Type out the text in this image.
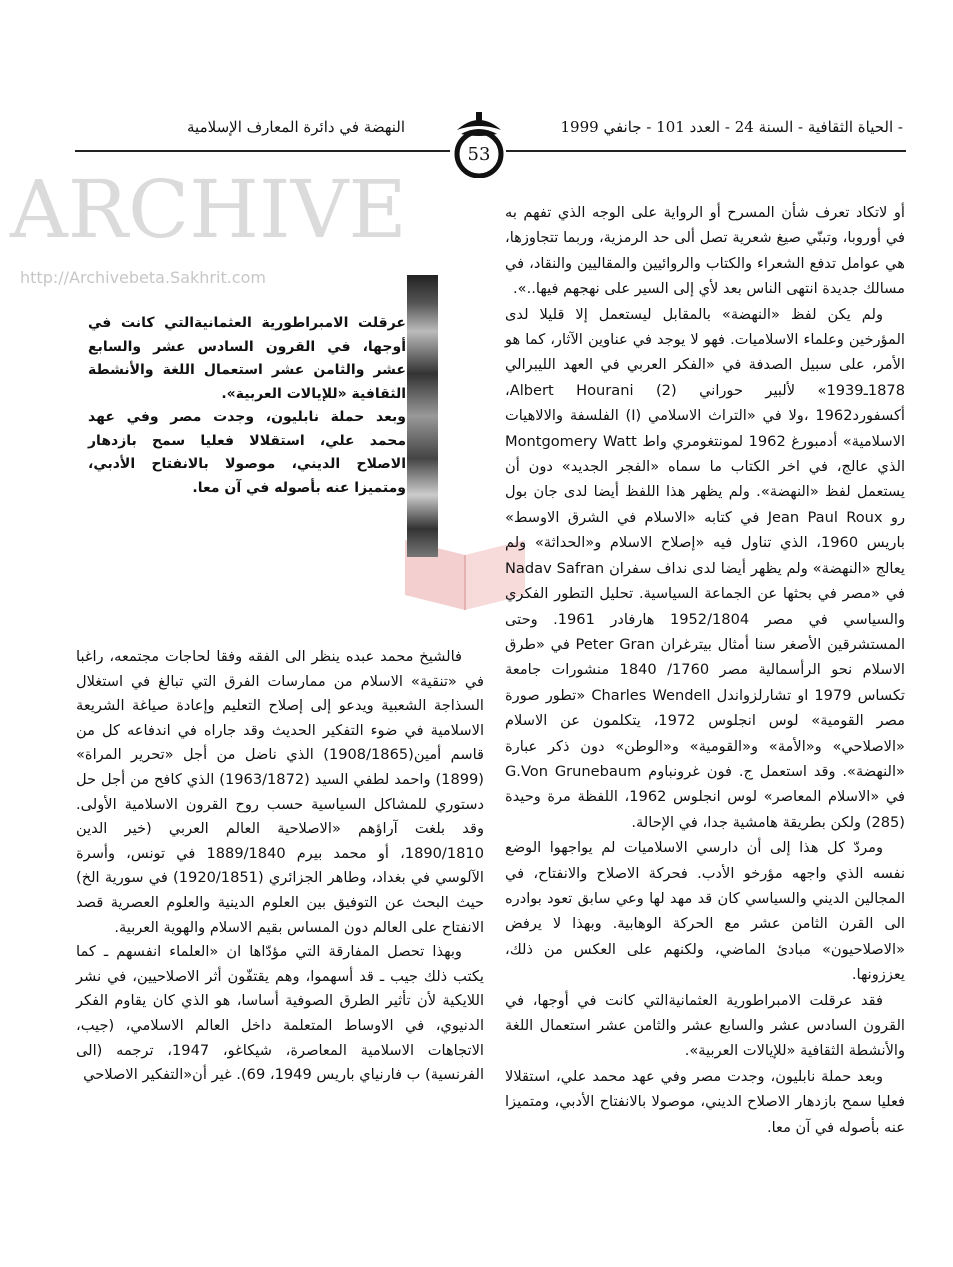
- الحياة الثقافية - السنة 24 - العدد 101 - جانفي 1999
النهضة في دائرة المعارف الإسلامية
53
ARCHIVE
http://Archivebeta.Sakhrit.com

عرقلت الامبراطورية العثمانيةالتي كانت في أوجها، في القرون السادس عشر والسابع عشر والثامن عشر استعمال اللغة والأنشطة الثقافية «للإيالات العربية».

وبعد حملة نابليون، وجدت مصر وفي عهد محمد علي، استقلالا فعليا سمح بازدهار الاصلاح الديني، موصولا بالانفتاح الأدبي، ومتميزا عنه بأصوله في آن معا.

أو لاتكاد تعرف شأن المسرح أو الرواية على الوجه الذي تفهم به في أوروبا، وتبنّي صيغ شعرية تصل ألى حد الرمزية، وربما تتجاوزها، هي عوامل تدفع الشعراء والكتاب والروائيين والمقاليين والنقاد، في مسالك جديدة انتهى الناس بعد لأي إلى السير على نهجهم فيها..».

ولم يكن لفظ «النهضة» بالمقابل ليستعمل إلا قليلا لدى المؤرخين وعلماء الاسلاميات. فهو لا يوجد في عناوين الآثار، كما هو الأمر، على سبيل الصدفة في «الفكر العربي في العهد الليبرالي 1878ـ1939» لألبير حوراني Albert Hourani (2)، أكسفورد1962 ،ولا في «التراث الاسلامي (I) الفلسفة والالاهيات الاسلامية» أدمبورغ 1962 لمونتغومري واط Montgomery Watt الذي عالج، في اخر الكتاب ما سماه «الفجر الجديد» دون أن يستعمل لفظ «النهضة». ولم يظهر هذا اللفظ أيضا لدى جان بول رو Jean Paul Roux في كتابه «الاسلام في الشرق الاوسط» باريس 1960، الذي تناول فيه «إصلاح الاسلام و«الحداثة» ولم يعالج «النهضة» ولم يظهر أيضا لدى نداف سفران Nadav Safran في «مصر في بحثها عن الجماعة السياسية. تحليل التطور الفكري والسياسي في مصر 1952/1804 هارفادر 1961. وحتى المستشرقين الأصغر سنا أمثال بيترغران Peter Gran في «طرق الاسلام نحو الرأسمالية مصر 1760/ 1840 منشورات جامعة تكساس 1979 او تشارلزواندل Charles Wendell «تطور صورة مصر القومية» لوس انجلوس 1972، يتكلمون عن الاسلام «الاصلاحي» و«الأمة» و«القومية» و«الوطن» دون ذكر عبارة «النهضة». وقد استعمل ج. فون غرونباوم G.Von Grunebaum في «الاسلام المعاصر» لوس انجلوس 1962، اللفظة مرة وحيدة (285) ولكن بطريقة هامشية جدا، في الإحالة.

ومردّ كل هذا إلى أن دارسي الاسلاميات لم يواجهوا الوضع نفسه الذي واجهه مؤرخو الأدب. فحركة الاصلاح والانفتاح، في المجالين الديني والسياسي كان قد مهد لها وعي سابق تعود بوادره الى القرن الثامن عشر مع الحركة الوهابية. وبهذا لا يرفض «الاصلاحيون» مبادئ الماضي، ولكنهم على العكس من ذلك، يعززونها.

فقد عرقلت الامبراطورية العثمانيةالتي كانت في أوجها، في القرون السادس عشر والسابع عشر والثامن عشر استعمال اللغة والأنشطة الثقافية «للإيالات العربية».

وبعد حملة نابليون، وجدت مصر وفي عهد محمد علي، استقلالا فعليا سمح بازدهار الاصلاح الديني، موصولا بالانفتاح الأدبي، ومتميزا عنه بأصوله في آن معا.

فالشيخ محمد عبده ينظر الى الفقه وفقا لحاجات مجتمعه، راغبا في «تنقية» الاسلام من ممارسات الفرق التي تبالغ في استغلال السذاجة الشعبية ويدعو إلى إصلاح التعليم وإعادة صياغة الشريعة الاسلامية في ضوء التفكير الحديث وقد جاراه في اندفاعه كل من قاسم أمين(1908/1865) الذي ناضل من أجل «تحرير المراة» (1899) واحمد لطفي السيد (1963/1872) الذي كافح من أجل حل دستوري للمشاكل السياسية حسب روح القرون الاسلامية الأولى. وقد بلغت آراؤهم «الاصلاحية العالم العربي (خير الدين 1890/1810، أو محمد بيرم 1889/1840 في تونس، وأسرة الآلوسي في بغداد، وطاهر الجزائري (1920/1851) في سورية الخ) حيث البحث عن التوفيق بين العلوم الدينية والعلوم العصرية قصد الانفتاح على العالم دون المساس بقيم الاسلام والهوية العربية.

وبهذا تحصل المفارقة التي مؤدّاها ان «العلماء انفسهم ـ كما يكتب ذلك جيب ـ قد أسهموا، وهم يقتفّون أثر الاصلاحيين، في نشر اللايكية لأن تأثير الطرق الصوفية أساسا، هو الذي كان يقاوم الفكر الدنيوي، في الاوساط المتعلمة داخل العالم الاسلامي، (جيب، الاتجاهات الاسلامية المعاصرة، شيكاغو، 1947، ترجمه (الى الفرنسية) ب فارنياي باريس 1949، 69). غير أن«التفكير الاصلاحي
